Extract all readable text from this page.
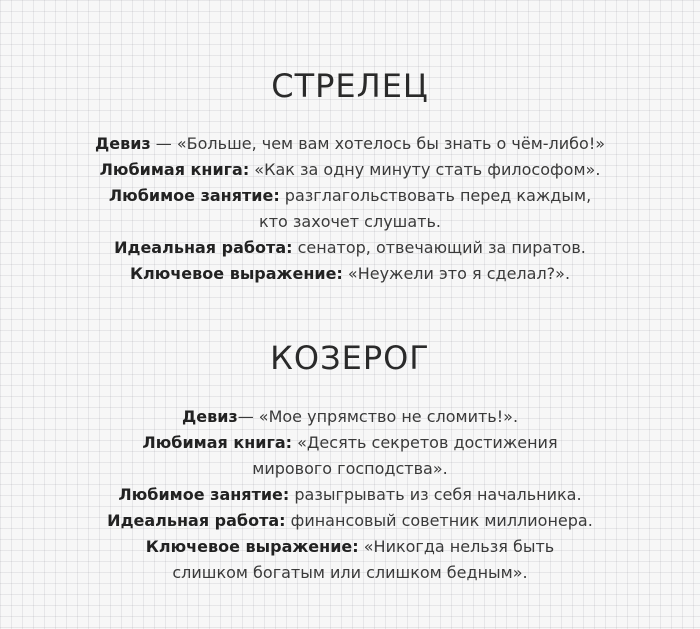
СТРЕЛЕЦ
Девиз — «Больше, чем вам хотелось бы знать о чём-либо!»
Любимая книга: «Как за одну минуту стать философом».
Любимое занятие: разглагольствовать перед каждым,
кто захочет слушать.
Идеальная работа: сенатор, отвечающий за пиратов.
Ключевое выражение: «Неужели это я сделал?».
КОЗЕРОГ
Девиз— «Мое упрямство не сломить!».
Любимая книга: «Десять секретов достижения
мирового господства».
Любимое занятие: разыгрывать из себя начальника.
Идеальная работа: финансовый советник миллионера.
Ключевое выражение: «Никогда нельзя быть
слишком богатым или слишком бедным».
